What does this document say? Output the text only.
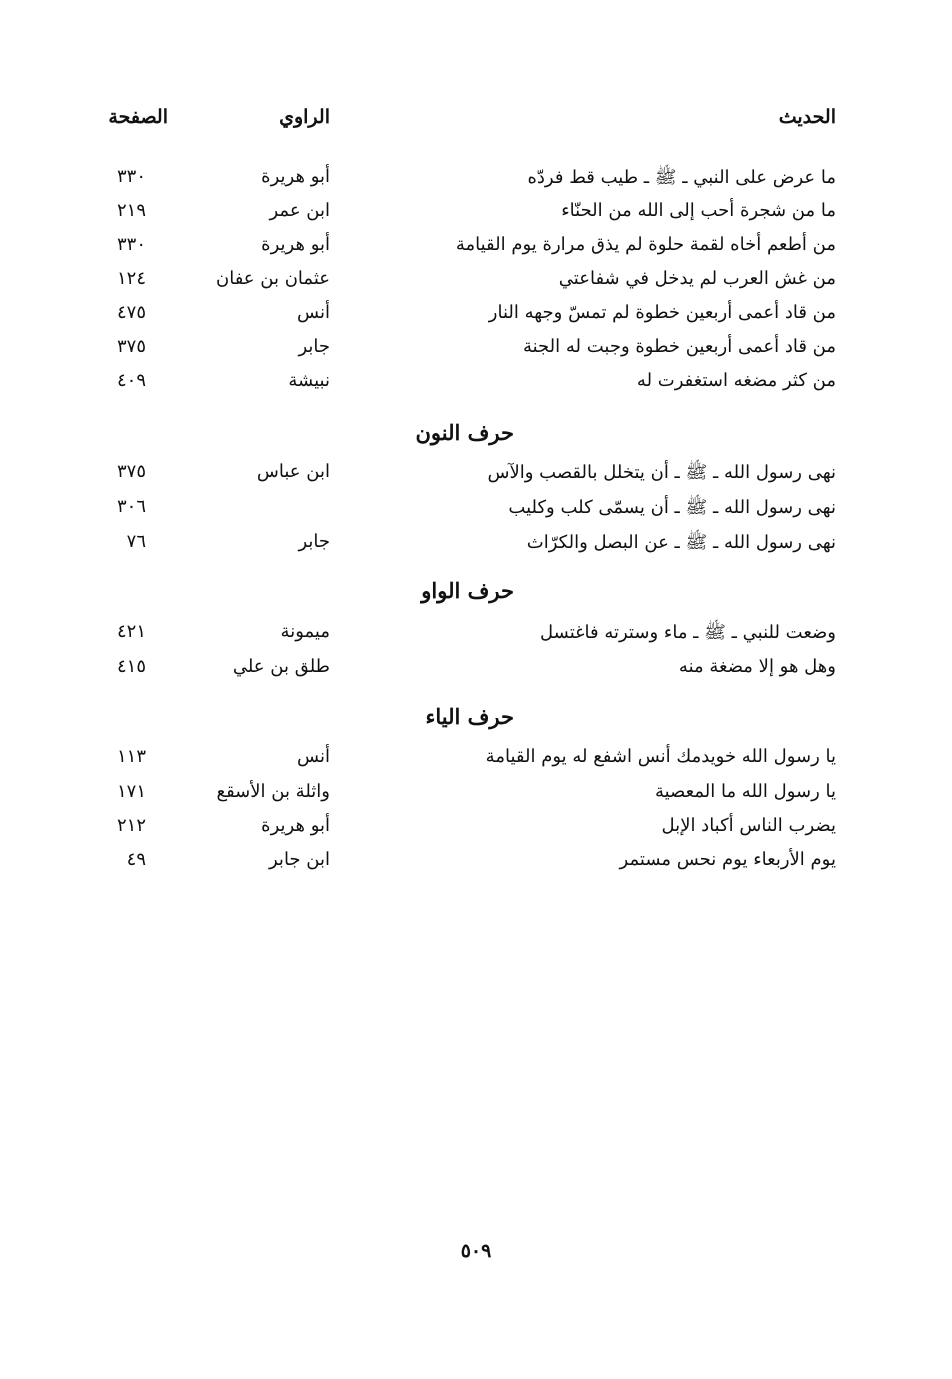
الحديث
الراوي
الصفحة
ما عرض على النبي ـ ﷺ ـ طيب قط فردّه
أبو هريرة
٣٣٠
ما من شجرة أحب إلى الله من الحنّاء
ابن عمر
٢١٩
من أطعم أخاه لقمة حلوة لم يذق مرارة يوم القيامة
أبو هريرة
٣٣٠
من غش العرب لم يدخل في شفاعتي
عثمان بن عفان
١٢٤
من قاد أعمى أربعين خطوة لم تمسّ وجهه النار
أنس
٤٧٥
من قاد أعمى أربعين خطوة وجبت له الجنة
جابر
٣٧٥
من كثر مضغه استغفرت له
نبيشة
٤٠٩
حرف النون
نهى رسول الله ـ ﷺ ـ أن يتخلل بالقصب والآس
ابن عباس
٣٧٥
نهى رسول الله ـ ﷺ ـ أن يسمّى كلب وكليب
٣٠٦
نهى رسول الله ـ ﷺ ـ عن البصل والكرّاث
جابر
٧٦
حرف الواو
وضعت للنبي ـ ﷺ ـ ماء وسترته فاغتسل
ميمونة
٤٢١
وهل هو إلا مضغة منه
طلق بن علي
٤١٥
حرف الياء
يا رسول الله خويدمك أنس اشفع له يوم القيامة
أنس
١١٣
يا رسول الله ما المعصية
واثلة بن الأسقع
١٧١
يضرب الناس أكباد الإبل
أبو هريرة
٢١٢
يوم الأربعاء يوم نحس مستمر
ابن جابر
٤٩
٥٠٩
